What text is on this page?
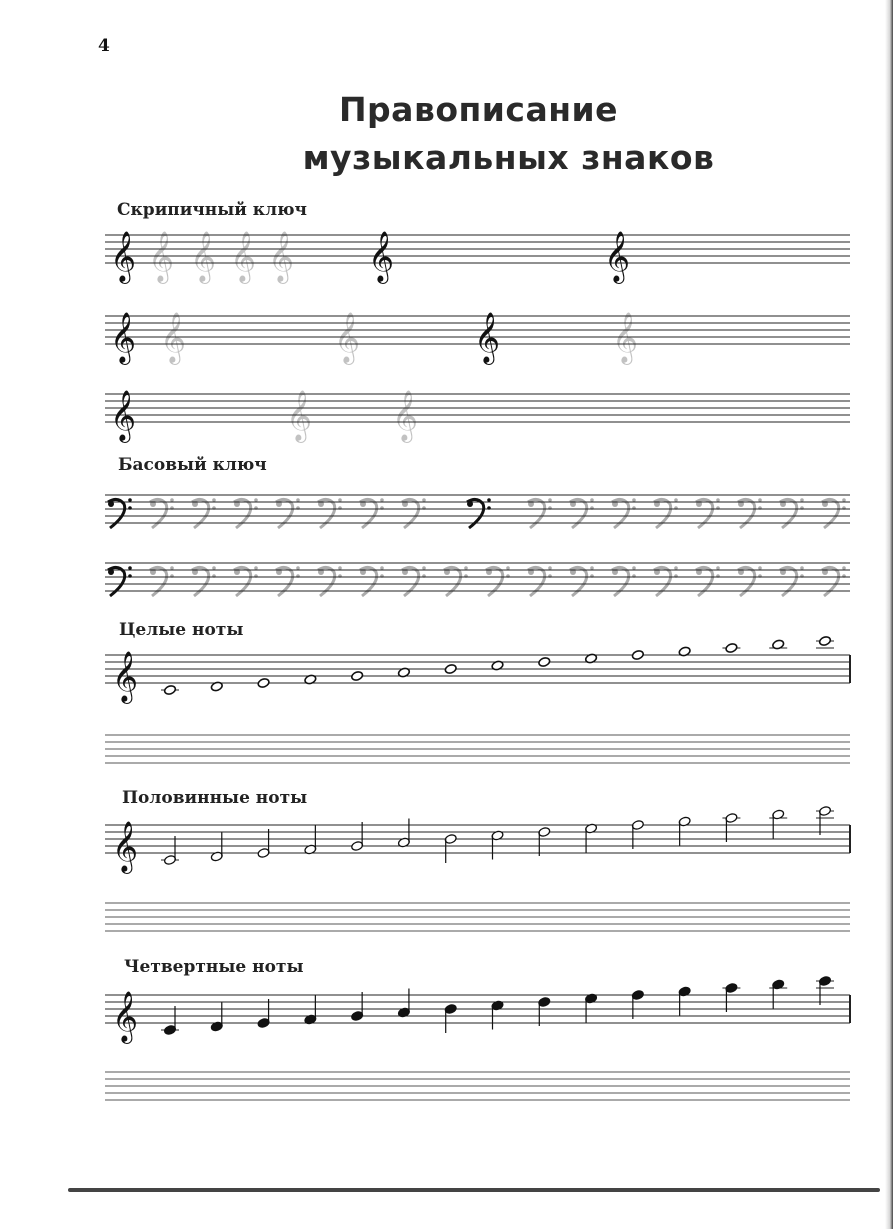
4
Правописание
музыкальных знаков
Скрипичный ключ
Басовый ключ
Целые ноты
Половинные ноты
Четвертные ноты
𝄞	𝄞	𝄞
𝄞 𝄞 𝄞 𝄞
𝄞	𝄞
𝄞	𝄞	𝄞
𝄞	𝄞 𝄞
𝄞
𝄞
𝄞
